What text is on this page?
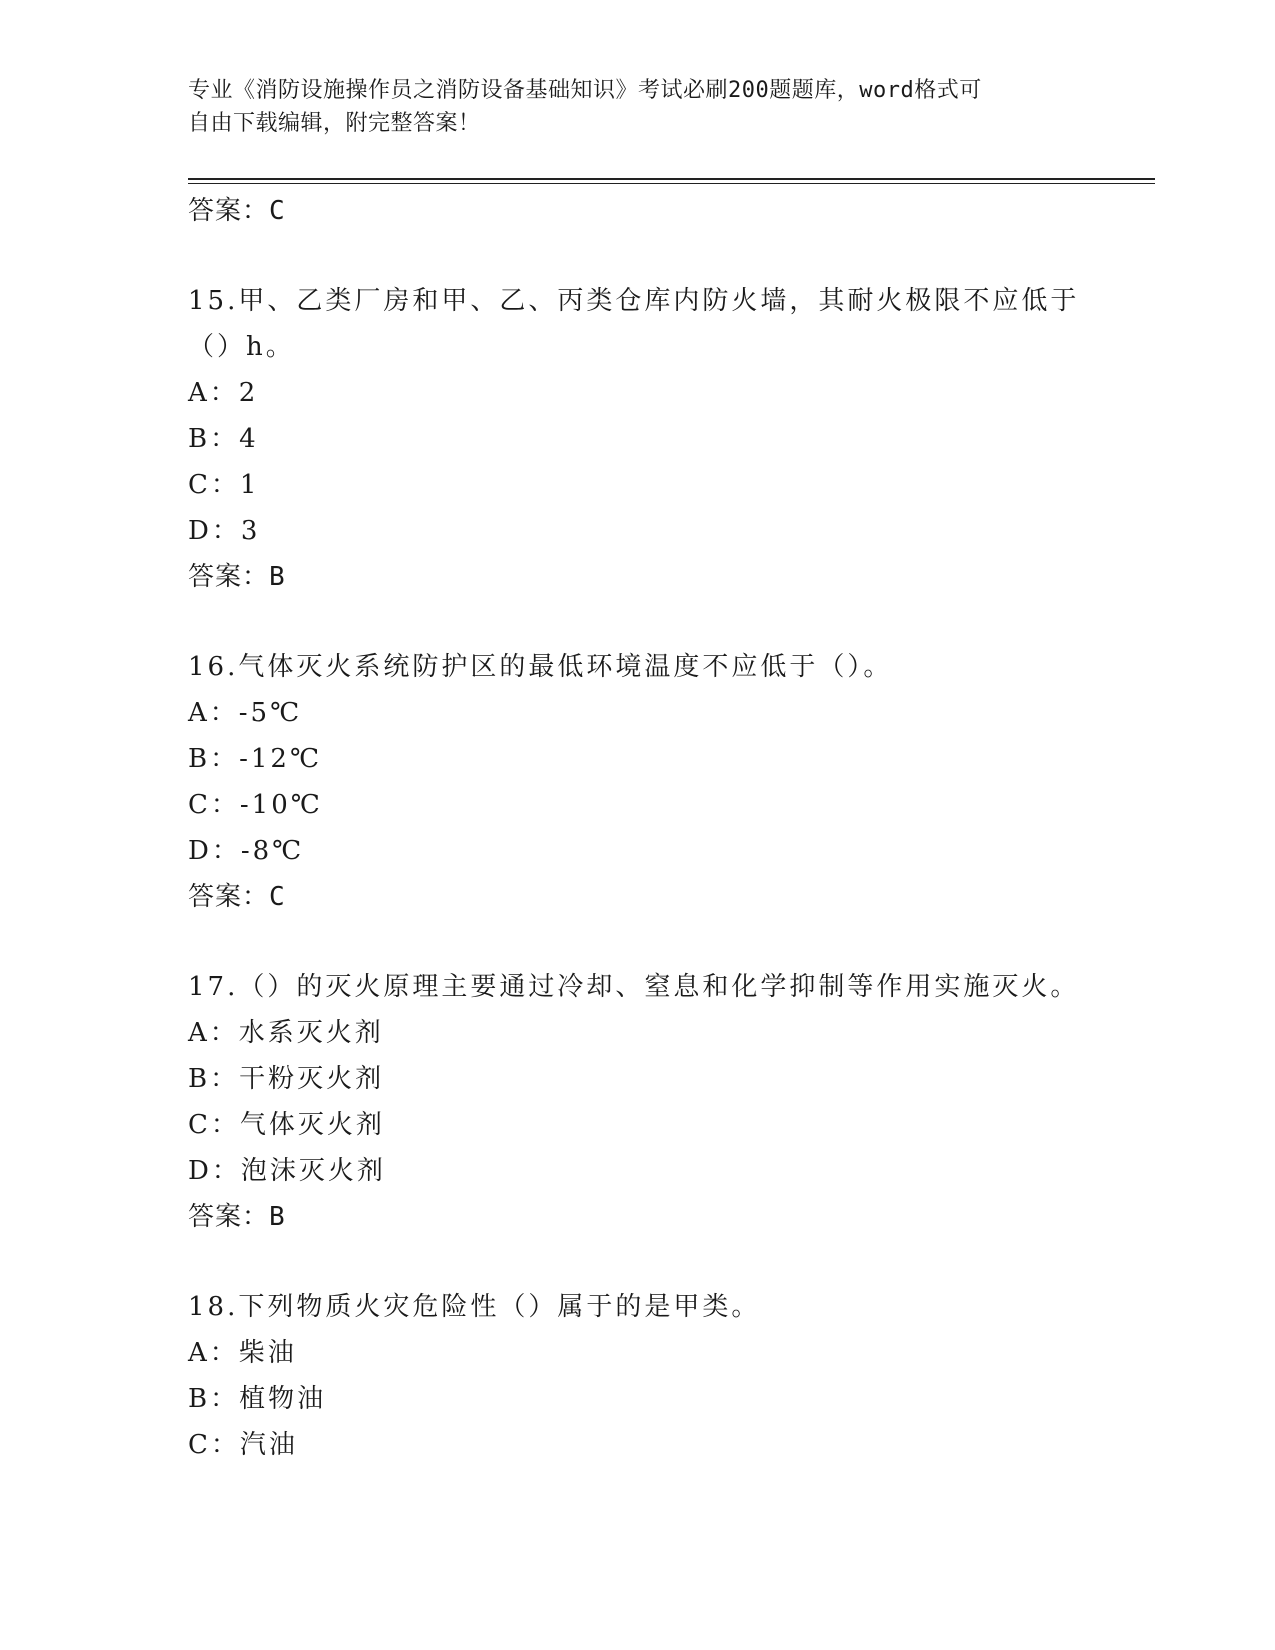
专业《消防设施操作员之消防设备基础知识》考试必刷200题题库，word格式可
自由下载编辑，附完整答案！
答案：C
15.甲、乙类厂房和甲、乙、丙类仓库内防火墙，其耐火极限不应低于
（）h。
A：2
B：4
C：1
D：3
答案：B
16.气体灭火系统防护区的最低环境温度不应低于（）。
A：-5℃
B：-12℃
C：-10℃
D：-8℃
答案：C
17.（）的灭火原理主要通过冷却、窒息和化学抑制等作用实施灭火。
A：水系灭火剂
B：干粉灭火剂
C：气体灭火剂
D：泡沫灭火剂
答案：B
18.下列物质火灾危险性（）属于的是甲类。
A：柴油
B：植物油
C：汽油
